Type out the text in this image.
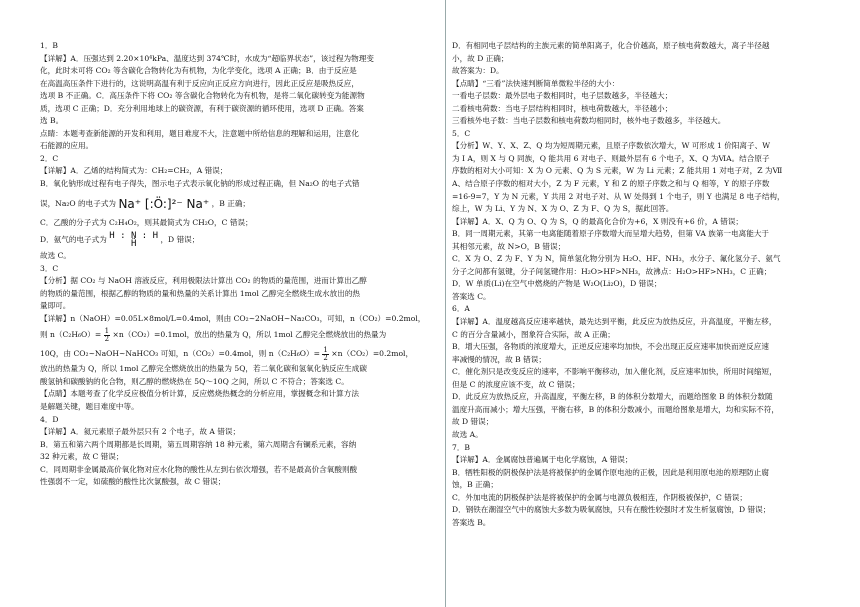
1．B
【详解】A．压强达到 2.20×10⁴kPa、温度达到 374℃时，水成为“超临界状态”，该过程为物理变
化，此时未可将 CO₂ 等含碳化合物转化为有机物，为化学变化，选项 A 正确；B．由于反应是
在高温高压条件下进行的，这说明高温有利于反应向正反应方向进行，因此正反应是吸热反应，
选项 B 不正确。C．高压条件下将 CO₂ 等含碳化合物转化为有机物，是将二氧化碳转变为能源物
质，选项 C 正确；D．充分利用地球上的碳资源，有利于碳资源的循环使用，选项 D 正确。答案
选 B。
点睛：本题考查新能源的开发和利用，题目难度不大，注意题中所给信息的理解和运用，注意化
石能源的应用。
2．C
【详解】A．乙烯的结构简式为：CH₂=CH₂，A 错误；
B．氧化钠形成过程有电子得失，图示电子式表示氧化钠的形成过程正确，但 Na₂O 的电子式错
误，Na₂O 的电子式为 Na⁺ [:Ö:]²⁻ Na⁺ ，B 正确；
C．乙酸的分子式为 C₂H₄O₂，则其最简式为 CH₂O，C 错误；
D．氨气的电子式为 H : N : H
Ḧ	，D 错误；
故选 C。
3．C
【分析】据 CO₂ 与 NaOH 溶液反应，利用极限法计算出 CO₂ 的物质的量范围，进而计算出乙醇
的物质的量范围，根据乙醇的物质的量和热量的关系计算出 1mol 乙醇完全燃烧生成水放出的热
量即可。
【详解】n（NaOH）=0.05L×8mol/L=0.4mol，则由 CO₂~2NaOH~Na₂CO₃，可知，n（CO₂）=0.2mol，
则 $n(C_2H_6O)= \frac{1}{2} \times n(CO_2)=0.1mol$，放出的热量为 Q，所以 1mol 乙醇完全燃烧放出的热量为
10Q，由 CO₂~NaOH~NaHCO₃ 可知，n（CO₂）=0.4mol，则 $n(C_2H_6O)= \frac{1}{2} \times n(CO_2)=0.2mol$，
放出的热量为 Q，所以 1mol 乙醇完全燃烧放出的热量为 5Q，若二氧化碳和氢氧化钠反应生成碳
酸氢钠和碳酸钠的化合物，则乙醇的燃烧热在 5Q～10Q 之间，所以 C 不符合；答案选 C。
【点睛】本题考查了化学反应极值分析计算，反应燃烧热概念的分析应用，掌握概念和计算方法
是解题关键，题目难度中等。
4．D
【详解】A．氦元素原子最外层只有 2 个电子，故 A 错误；
B．第五和第六两个周期都是长周期，第五周期容纳 18 种元素，第六周期含有镧系元素，容纳
32 种元素，故 C 错误；
C．同周期非金属最高价氧化物对应水化物的酸性从左到右依次增强，若不是最高价含氧酸则酸
性强弱不一定，如硫酸的酸性比次氯酸强，故 C 错误；
D．有相同电子层结构的主族元素的简单阳离子，化合价越高，原子核电荷数越大，离子半径越
小，故 D 正确；
故答案为：D。
【点睛】“三看”法快速判断简单微粒半径的大小：
一看电子层数：最外层电子数相同时，电子层数越多，半径越大；
二看核电荷数：当电子层结构相同时，核电荷数越大，半径越小；
三看核外电子数：当电子层数和核电荷数均相同时，核外电子数越多，半径越大。
5．C
【分析】W、Y、X、Z、Q 均为短周期元素，且原子序数依次增大，W 可形成 1 价阳离子、W
为 I A，则 X 与 Q 同族，Q 能共用 6 对电子、则最外层有 6 个电子，X、Q 为ⅥA。结合原子
序数的相对大小可知：X 为 O 元素、Q 为 S 元素，W 为 Li 元素；Z 能共用 1 对电子对，Z 为Ⅶ
A、结合原子序数的相对大小，Z 为 F 元素，Y 和 Z 的原子序数之和与 Q 相等，Y 的原子序数
=16-9=7，Y 为 N 元素，Y 共用 2 对电子对、从 W 处得到 1 个电子，则 Y 也满足 8 电子结构，
综上，W 为 Li、Y 为 N、X 为 O、Z 为 F、Q 为 S，据此回答。
【详解】A．X、Q 为 O、Q 为 S，Q 的最高化合价为+6，X 则没有+6 价，A 错误；
B．同一周期元素，其第一电离能随着原子序数增大而呈增大趋势，但第 VA 族第一电离能大于
其相邻元素，故 N>O，B 错误；
C．X 为 O、Z 为 F、Y 为 N，简单氢化物分别为 H₂O、HF、NH₃，水分子、氟化氢分子、氨气
分子之间都有氢键，分子间氢键作用：H₂O>HF>NH₃，故沸点：H₂O>HF>NH₃，C 正确；
D．W 单质(Li)在空气中燃烧的产物是 W₂O(Li₂O)，D 错误；
答案选 C。
6．A
【详解】A．温度越高反应速率越快，最先达到平衡，此反应为放热反应，升高温度，平衡左移，
C 的百分含量减小，图象符合实际，故 A 正确；
B．增大压强，各物质的浓度增大，正逆反应速率均加快，不会出现正反应速率加快而逆反应速
率减慢的情况，故 B 错误；
C．催化剂只是改变反应的速率，不影响平衡移动，加入催化剂，反应速率加快，所用时间缩短，
但是 C 的浓度应该不变，故 C 错误；
D．此反应为放热反应，升高温度，平衡左移，B 的体积分数增大，而题给图象 B 的体积分数随
温度升高而减小；增大压强，平衡右移，B 的体积分数减小，而题给图象是增大，均和实际不符，
故 D 错误；
故选 A。
7．B
【详解】A．金属腐蚀普遍属于电化学腐蚀，A 错误；
B．牺牲阳极的阴极保护法是将被保护的金属作原电池的正极，因此是利用原电池的原理防止腐
蚀，B 正确；
C．外加电流的阴极保护法是将被保护的金属与电源负极相连，作阴极被保护，C 错误；
D．钢铁在潮湿空气中的腐蚀大多数为吸氧腐蚀，只有在酸性较强时才发生析氢腐蚀，D 错误；
答案选 B。
